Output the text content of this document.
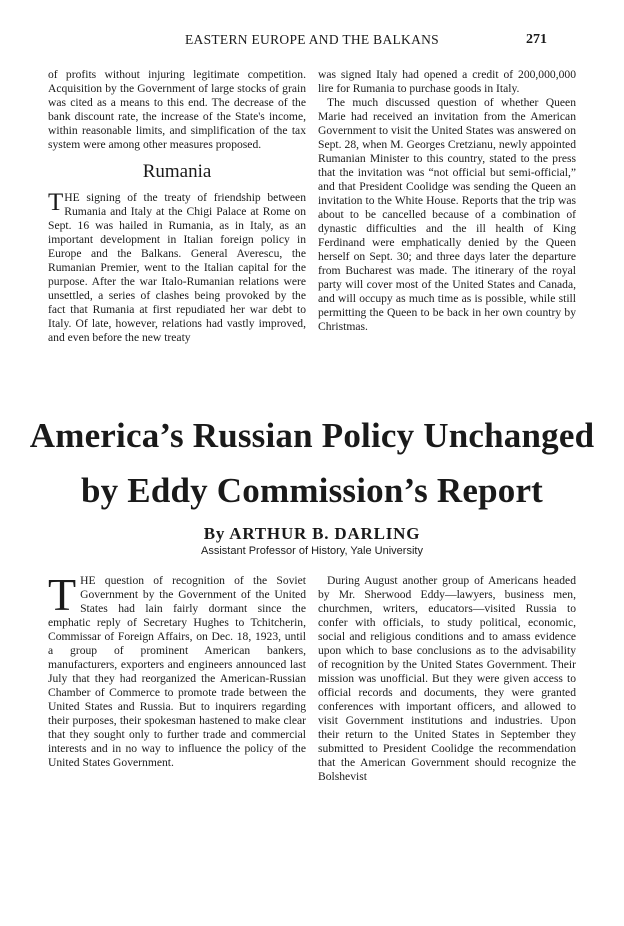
EASTERN EUROPE AND THE BALKANS	271

of profits without injuring legitimate competition. Acquisition by the Government of large stocks of grain was cited as a means to this end. The decrease of the bank discount rate, the increase of the State's income, within reasonable limits, and simplification of the tax system were among other measures proposed.

Rumania

THE signing of the treaty of friendship between Rumania and Italy at the Chigi Palace at Rome on Sept. 16 was hailed in Rumania, as in Italy, as an important development in Italian foreign policy in Europe and the Balkans. General Averescu, the Rumanian Premier, went to the Italian capital for the purpose. After the war Italo-Rumanian relations were unsettled, a series of clashes being provoked by the fact that Rumania at first repudiated her war debt to Italy. Of late, however, relations had vastly improved, and even before the new treaty

was signed Italy had opened a credit of 200,000,000 lire for Rumania to purchase goods in Italy.

The much discussed question of whether Queen Marie had received an invitation from the American Government to visit the United States was answered on Sept. 28, when M. Georges Cretzianu, newly appointed Rumanian Minister to this country, stated to the press that the invitation was “not official but semi-official,” and that President Coolidge was sending the Queen an invitation to the White House. Reports that the trip was about to be cancelled because of a combination of dynastic difficulties and the ill health of King Ferdinand were emphatically denied by the Queen herself on Sept. 30; and three days later the departure from Bucharest was made. The itinerary of the royal party will cover most of the United States and Canada, and will occupy as much time as is possible, while still permitting the Queen to be back in her own country by Christmas.

America’s Russian Policy Unchanged
by Eddy Commission’s Report
By ARTHUR B. DARLING
Assistant Professor of History, Yale University

THE question of recognition of the Soviet Government by the Government of the United States had lain fairly dormant since the emphatic reply of Secretary Hughes to Tchitcherin, Commissar of Foreign Affairs, on Dec. 18, 1923, until a group of prominent American bankers, manufacturers, exporters and engineers announced last July that they had reorganized the American-Russian Chamber of Commerce to promote trade between the United States and Russia. But to inquirers regarding their purposes, their spokesman hastened to make clear that they sought only to further trade and commercial interests and in no way to influence the policy of the United States Government.

During August another group of Americans headed by Mr. Sherwood Eddy—lawyers, business men, churchmen, writers, educators—visited Russia to confer with officials, to study political, economic, social and religious conditions and to amass evidence upon which to base conclusions as to the advisability of recognition by the United States Government. Their mission was unofficial. But they were given access to official records and documents, they were granted conferences with important officers, and allowed to visit Government institutions and industries. Upon their return to the United States in September they submitted to President Coolidge the recommendation that the American Government should recognize the Bolshevist
